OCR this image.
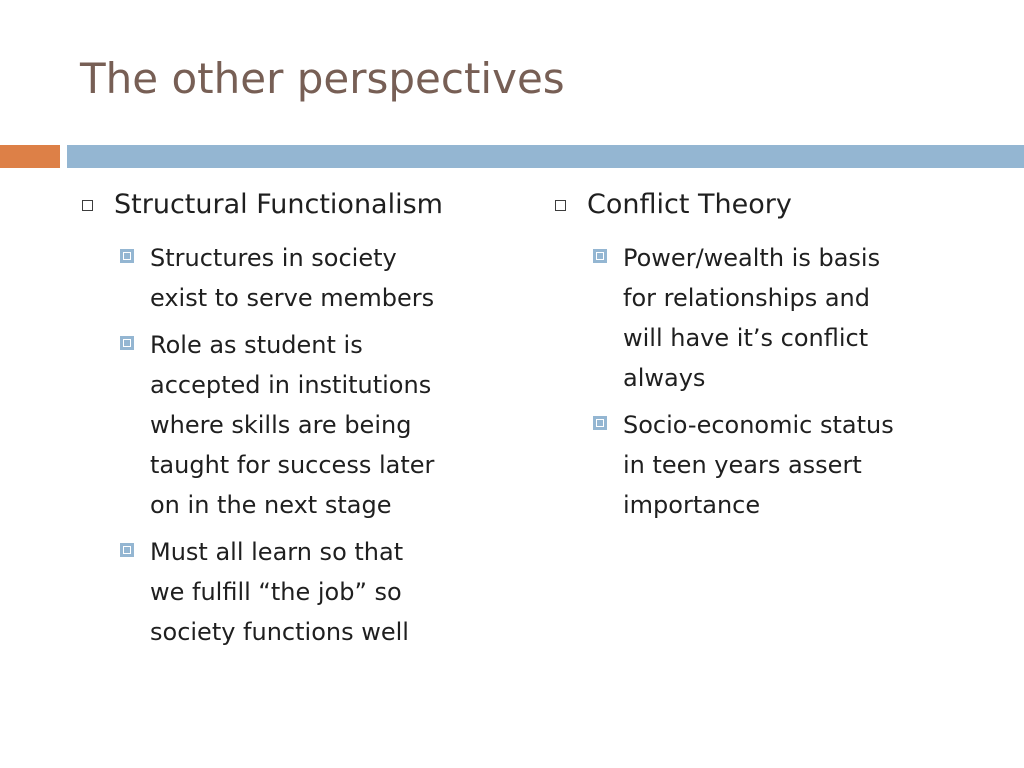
The other perspectives
Structural Functionalism
Structures in society
exist to serve members
Role as student is
accepted in institutions
where skills are being
taught for success later
on in the next stage
Must all learn so that
we fulfill “the job” so
society functions well
Conflict Theory
Power/wealth is basis
for relationships and
will have it’s conflict
always
Socio-economic status
in teen years assert
importance
